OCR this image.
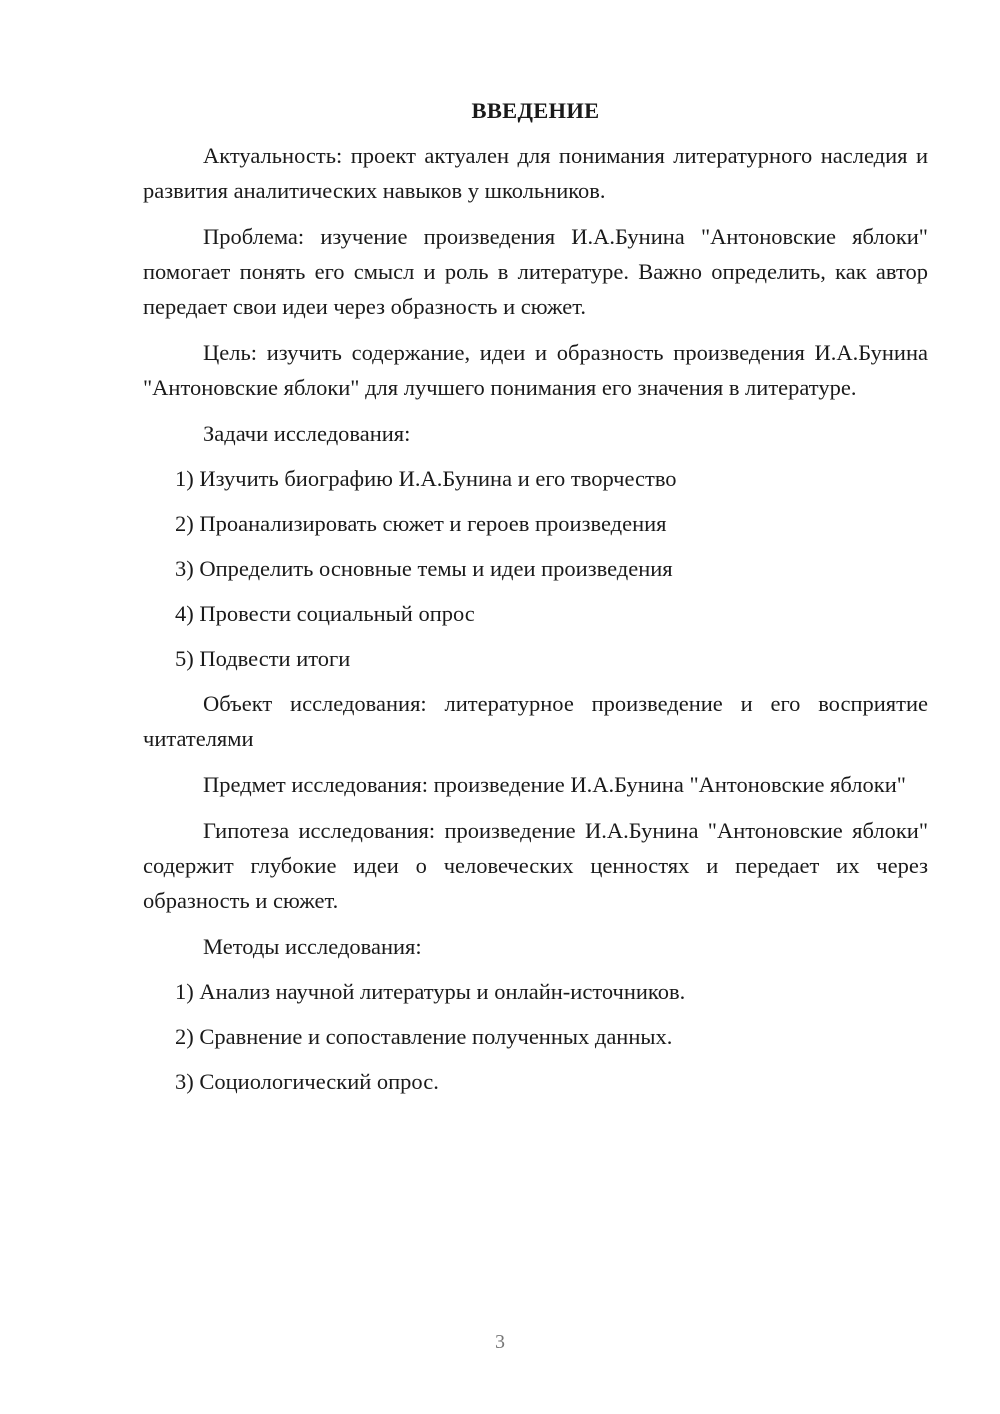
ВВЕДЕНИЕ

Актуальность: проект актуален для понимания литературного наследия и развития аналитических навыков у школьников.

Проблема: изучение произведения И.А.Бунина "Антоновские яблоки" помогает понять его смысл и роль в литературе. Важно определить, как автор передает свои идеи через образность и сюжет.

Цель: изучить содержание, идеи и образность произведения И.А.Бунина "Антоновские яблоки" для лучшего понимания его значения в литературе.

Задачи исследования:

1) Изучить биографию И.А.Бунина и его творчество

2) Проанализировать сюжет и героев произведения

3) Определить основные темы и идеи произведения

4) Провести социальный опрос

5) Подвести итоги

Объект исследования: литературное произведение и его восприятие читателями

Предмет исследования: произведение И.А.Бунина "Антоновские яблоки"

Гипотеза исследования: произведение И.А.Бунина "Антоновские яблоки" содержит глубокие идеи о человеческих ценностях и передает их через образность и сюжет.

Методы исследования:

1) Анализ научной литературы и онлайн-источников.

2) Сравнение и сопоставление полученных данных.

3) Социологический опрос.

3
